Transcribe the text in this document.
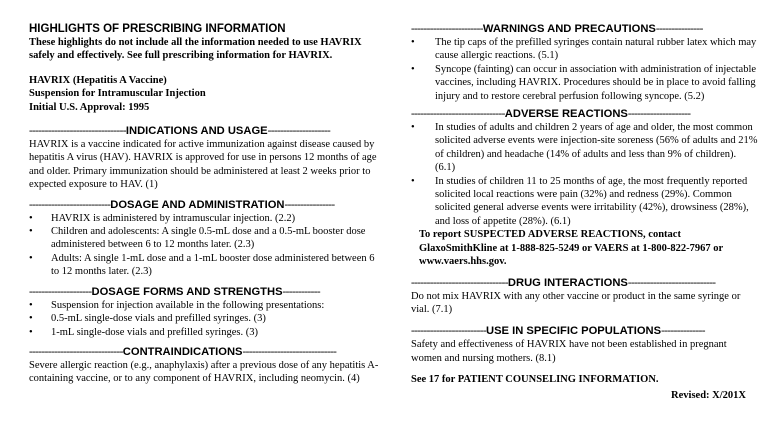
HIGHLIGHTS OF PRESCRIBING INFORMATION

These highlights do not include all the information needed to use HAVRIX safely and effectively. See full prescribing information for HAVRIX.

HAVRIX (Hepatitis A Vaccine)

Suspension for Intramuscular Injection

Initial U.S. Approval: 1995

-------------------------------INDICATIONS AND USAGE--------------------

HAVRIX is a vaccine indicated for active immunization against disease caused by hepatitis A virus (HAV). HAVRIX is approved for use in persons 12 months of age and older. Primary immunization should be administered at least 2 weeks prior to expected exposure to HAV. (1)

--------------------------DOSAGE AND ADMINISTRATION----------------

• HAVRIX is administered by intramuscular injection. (2.2)
• Children and adolescents: A single 0.5-mL dose and a 0.5-mL booster dose administered between 6 to 12 months later. (2.3)
• Adults: A single 1-mL dose and a 1-mL booster dose administered between 6 to 12 months later. (2.3)

--------------------DOSAGE FORMS AND STRENGTHS------------

• Suspension for injection available in the following presentations:
• 0.5-mL single-dose vials and prefilled syringes. (3)
• 1-mL single-dose vials and prefilled syringes. (3)

------------------------------CONTRAINDICATIONS------------------------------

Severe allergic reaction (e.g., anaphylaxis) after a previous dose of any hepatitis A-containing vaccine, or to any component of HAVRIX, including neomycin. (4)

-----------------------WARNINGS AND PRECAUTIONS---------------

• The tip caps of the prefilled syringes contain natural rubber latex which may cause allergic reactions. (5.1)
• Syncope (fainting) can occur in association with administration of injectable vaccines, including HAVRIX. Procedures should be in place to avoid falling injury and to restore cerebral perfusion following syncope. (5.2)

------------------------------ADVERSE REACTIONS--------------------

• In studies of adults and children 2 years of age and older, the most common solicited adverse events were injection-site soreness (56% of adults and 21% of children) and headache (14% of adults and less than 9% of children). (6.1)
• In studies of children 11 to 25 months of age, the most frequently reported solicited local reactions were pain (32%) and redness (29%). Common solicited general adverse events were irritability (42%), drowsiness (28%), and loss of appetite (28%). (6.1)

To report SUSPECTED ADVERSE REACTIONS, contact GlaxoSmithKline at 1-888-825-5249 or VAERS at 1-800-822-7967 or www.vaers.hhs.gov.

-------------------------------DRUG INTERACTIONS----------------------------

Do not mix HAVRIX with any other vaccine or product in the same syringe or vial. (7.1)

------------------------USE IN SPECIFIC POPULATIONS--------------

Safety and effectiveness of HAVRIX have not been established in pregnant women and nursing mothers. (8.1)

See 17 for PATIENT COUNSELING INFORMATION.

Revised: X/201X
